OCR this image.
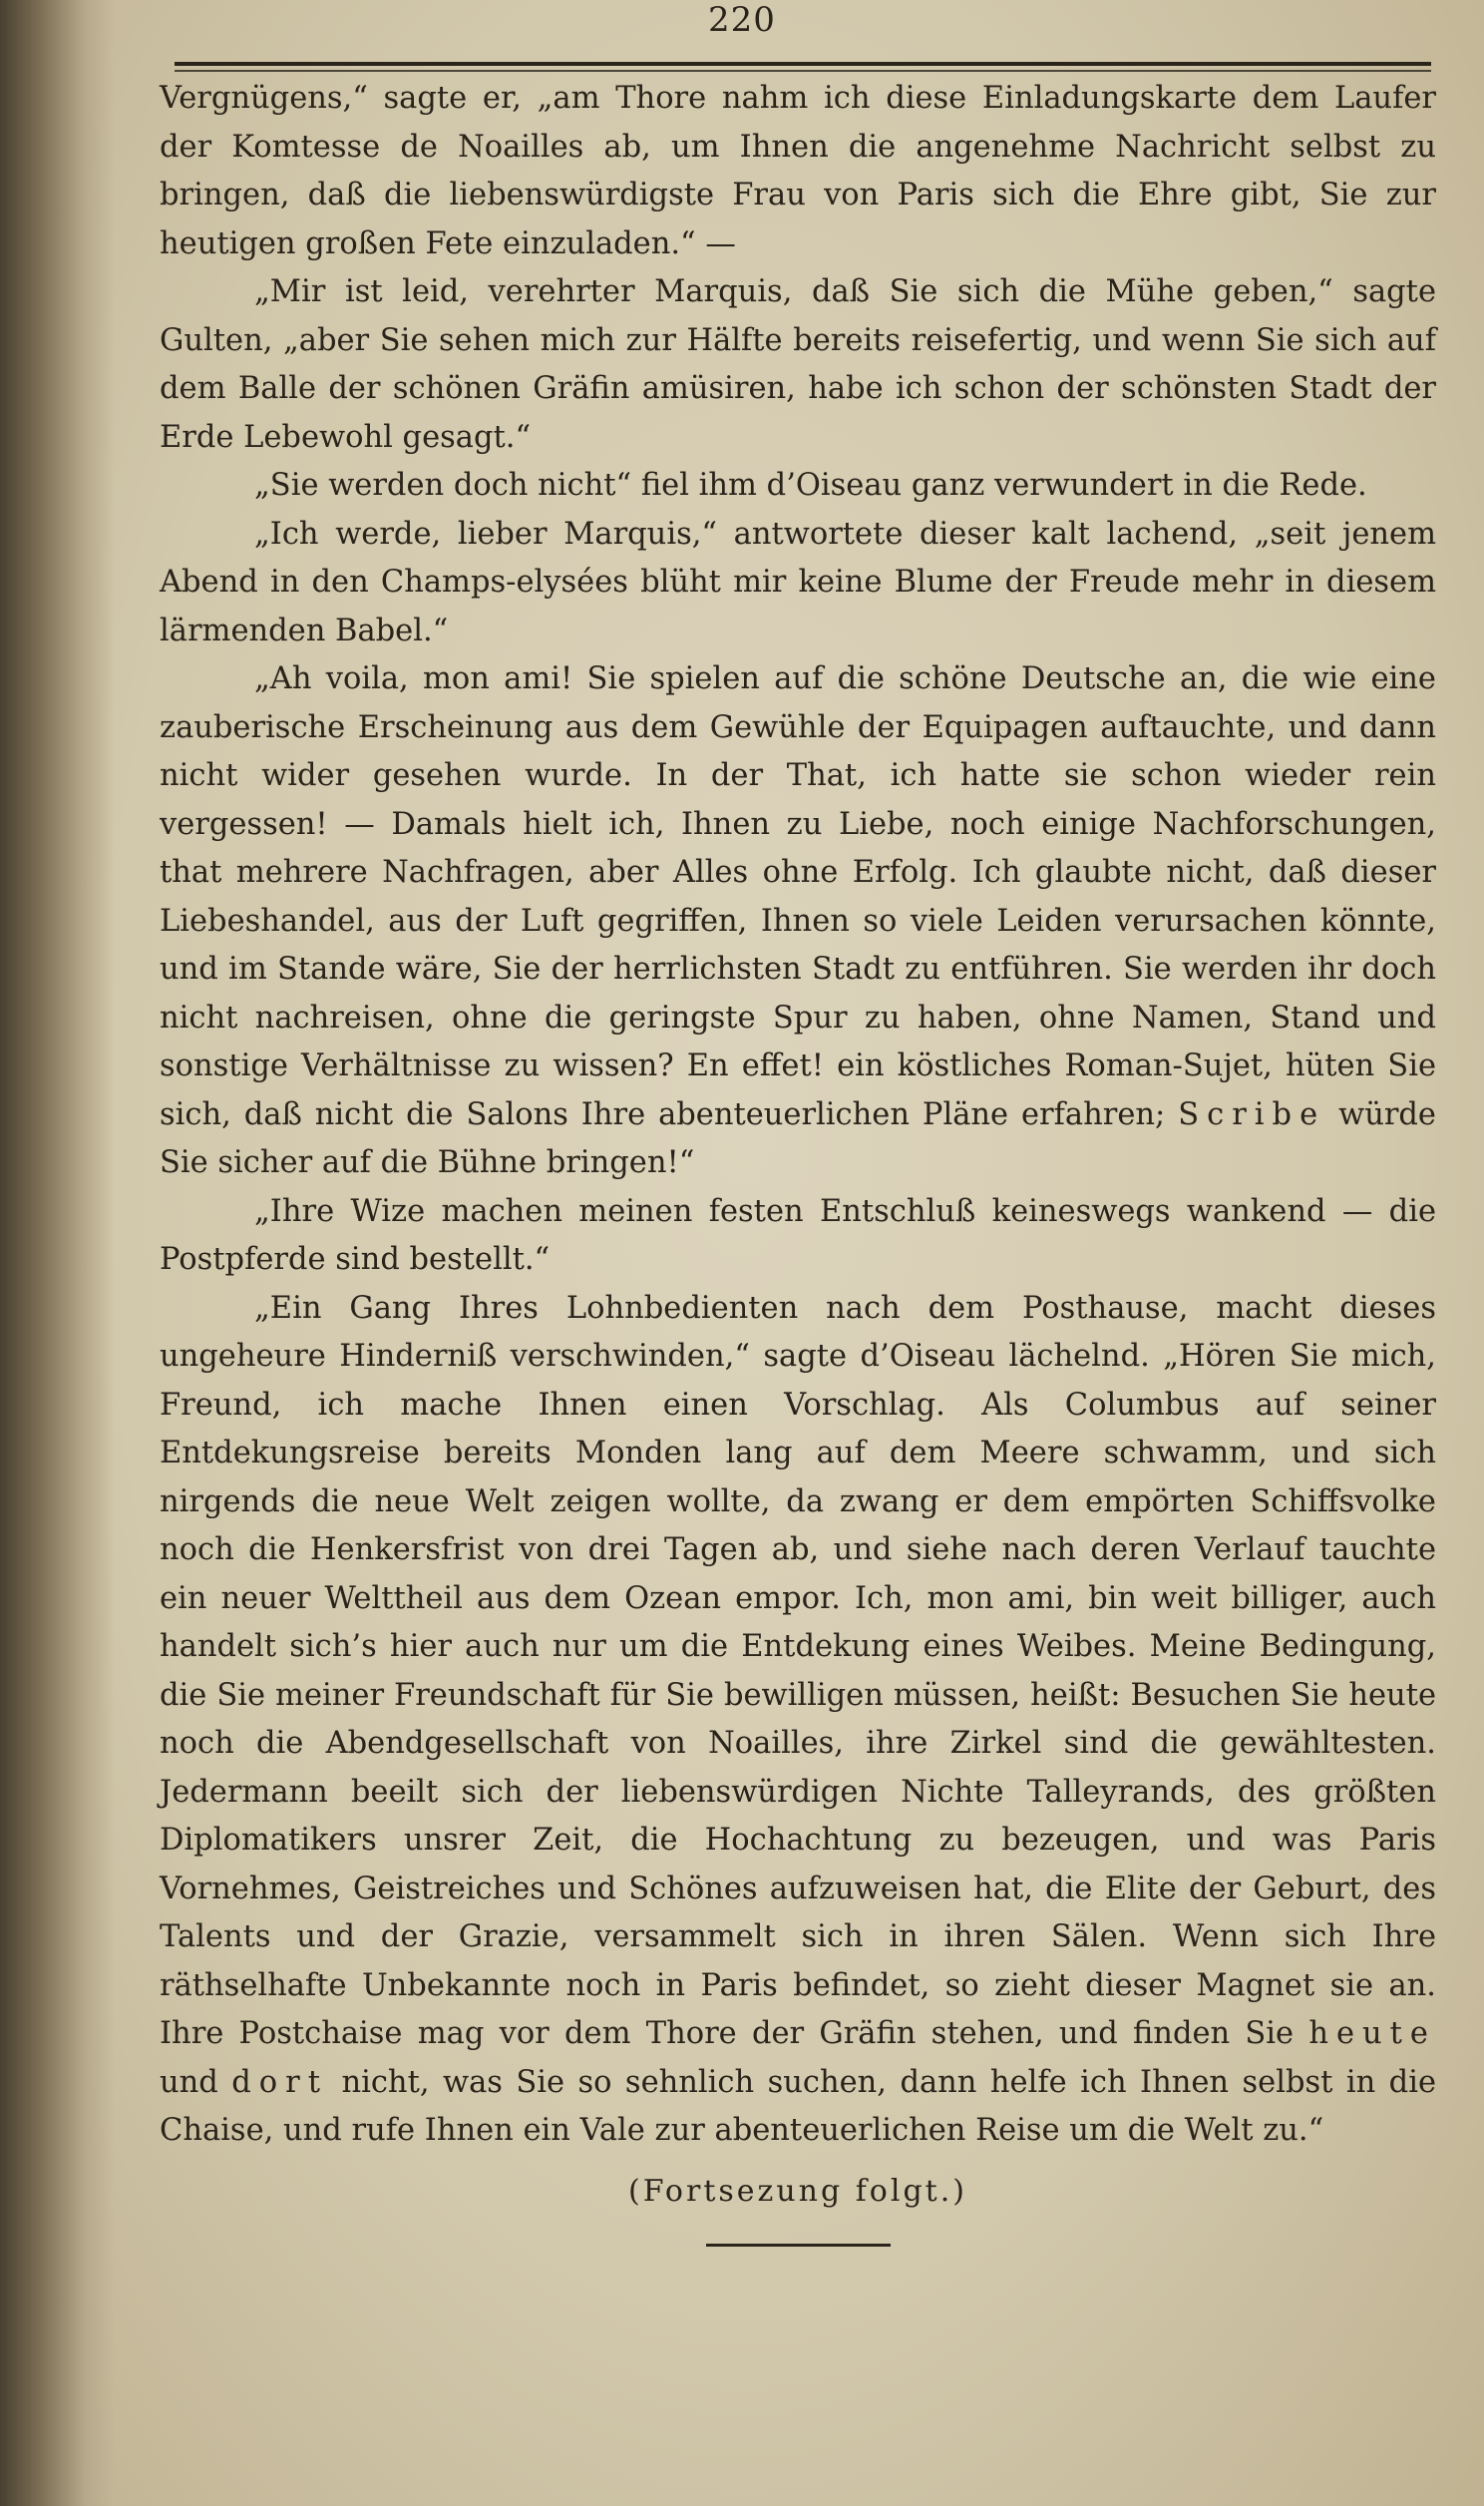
220

Vergnügens,“ sagte er, „am Thore nahm ich diese Einladungskarte dem Laufer der Komtesse de Noailles ab, um Ihnen die angenehme Nachricht selbst zu bringen, daß die liebenswürdigste Frau von Paris sich die Ehre gibt, Sie zur heutigen großen Fete einzuladen.“ —

„Mir ist leid, verehrter Marquis, daß Sie sich die Mühe geben,“ sagte Gulten, „aber Sie sehen mich zur Hälfte bereits reisefertig, und wenn Sie sich auf dem Balle der schönen Gräfin amüsiren, habe ich schon der schönsten Stadt der Erde Lebewohl gesagt.“

„Sie werden doch nicht“ fiel ihm d’Oiseau ganz verwundert in die Rede.

„Ich werde, lieber Marquis,“ antwortete dieser kalt lachend, „seit jenem Abend in den Champs-elysées blüht mir keine Blume der Freude mehr in diesem lärmenden Babel.“

„Ah voila, mon ami! Sie spielen auf die schöne Deutsche an, die wie eine zauberische Erscheinung aus dem Gewühle der Equipagen auftauchte, und dann nicht wider gesehen wurde. In der That, ich hatte sie schon wieder rein vergessen! — Damals hielt ich, Ihnen zu Liebe, noch einige Nachforschungen, that mehrere Nachfragen, aber Alles ohne Erfolg. Ich glaubte nicht, daß dieser Liebeshandel, aus der Luft gegriffen, Ihnen so viele Leiden verursachen könnte, und im Stande wäre, Sie der herrlichsten Stadt zu entführen. Sie werden ihr doch nicht nachreisen, ohne die geringste Spur zu haben, ohne Namen, Stand und sonstige Verhältnisse zu wissen? En effet! ein köstliches Roman-Sujet, hüten Sie sich, daß nicht die Salons Ihre abenteuerlichen Pläne erfahren; Scribe würde Sie sicher auf die Bühne bringen!“

„Ihre Wize machen meinen festen Entschluß keineswegs wankend — die Postpferde sind bestellt.“

„Ein Gang Ihres Lohnbedienten nach dem Posthause, macht dieses ungeheure Hinderniß verschwinden,“ sagte d’Oiseau lächelnd. „Hören Sie mich, Freund, ich mache Ihnen einen Vorschlag. Als Columbus auf seiner Entdekungsreise bereits Monden lang auf dem Meere schwamm, und sich nirgends die neue Welt zeigen wollte, da zwang er dem empörten Schiffsvolke noch die Henkersfrist von drei Tagen ab, und siehe nach deren Verlauf tauchte ein neuer Welttheil aus dem Ozean empor. Ich, mon ami, bin weit billiger, auch handelt sich’s hier auch nur um die Entdekung eines Weibes. Meine Bedingung, die Sie meiner Freundschaft für Sie bewilligen müssen, heißt: Besuchen Sie heute noch die Abendgesellschaft von Noailles, ihre Zirkel sind die gewähltesten. Jedermann beeilt sich der liebenswürdigen Nichte Talleyrands, des größten Diplomatikers unsrer Zeit, die Hochachtung zu bezeugen, und was Paris Vornehmes, Geistreiches und Schönes aufzuweisen hat, die Elite der Geburt, des Talents und der Grazie, versammelt sich in ihren Sälen. Wenn sich Ihre räthselhafte Unbekannte noch in Paris befindet, so zieht dieser Magnet sie an. Ihre Postchaise mag vor dem Thore der Gräfin stehen, und finden Sie heute und dort nicht, was Sie so sehnlich suchen, dann helfe ich Ihnen selbst in die Chaise, und rufe Ihnen ein Vale zur abenteuerlichen Reise um die Welt zu.“

(Fortsezung folgt.)
